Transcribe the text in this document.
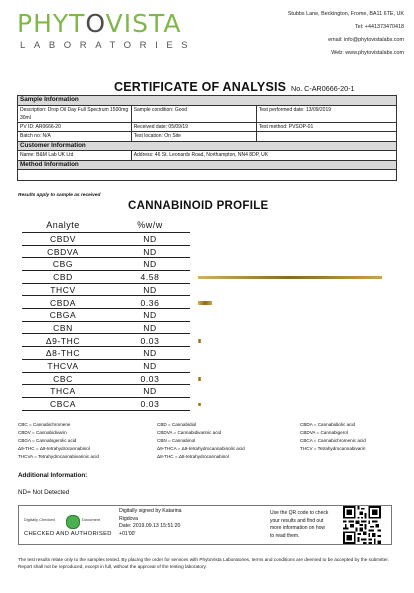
PHYTOVISTA
LABORATORIES
Stubbs Lane, Beckington, Frome, BA11 6TE, UK
Tel: +441373470418
email: info@phytovistalabs.com
Web: www.phytovistalabs.com
CERTIFICATE OF ANALYSIS No. C-AR0666-20-1
Sample Information		
Description: Drop Oil Day Full Spectrum 1500mg 30ml	Sample condition: Good	Test performed date: 13/09/2019
PV ID: AR0666-20	Received date: 05/09/19	Test method: PVSOP-01
Batch no: N/A	Test location: On Site	
Customer Information		
Name: B&M Lab UK Ltd	Address: 46 St. Leonards Road, Northampton, NN4 8DP, UK	
Method Information		

Results apply to sample as received
CANNABINOID PROFILE
Analyte	%w/w
CBDV	ND
CBDVA	ND
CBG	ND
CBD	4.58
THCV	ND
CBDA	0.36
CBGA	ND
CBN	ND
Δ9-THC	0.03
Δ8-THC	ND
THCVA	ND
CBC	0.03
THCA	ND
CBCA	0.03
CBC = Cannabichromene	CBD = Cannabidiol	CBDA = Cannabidiolic acid
CBDV = Cannabidivarin	CBDVA = Cannabidivarinic acid	CBDVA = Cannabigerol
CBGA = Cannabigerolic acid	CBN = Cannabinol	CBCA = Cannabichromenic acid
Δ9-THC = Δ9-tetrahydrocannabinol	Δ9-THCA = Δ9-tetrahydrocannabinolic acid	THCV = Tetrahydrocannabivarin
THCVA = Tetrahydrocannabivarinic acid	Δ8-THC = Δ8-tetrahydrocannabinol
Additional Information:
ND= Not Detected
Digitally Checked	Document
CHECKED AND AUTHORISED
Digitally signed by Katarina
Rigdova
Date: 2019.09.13 15:51:20
+01'00'
Use the QR code to check
your results and find out
more information on how
to read them.
The test results relate only to the samples tested. By placing the order for services with PhytoVista Laboratories, terms and conditions are deemed to be accepted by the submitter. Report shall not be reproduced, except in full, without the approval of the testing laboratory.
